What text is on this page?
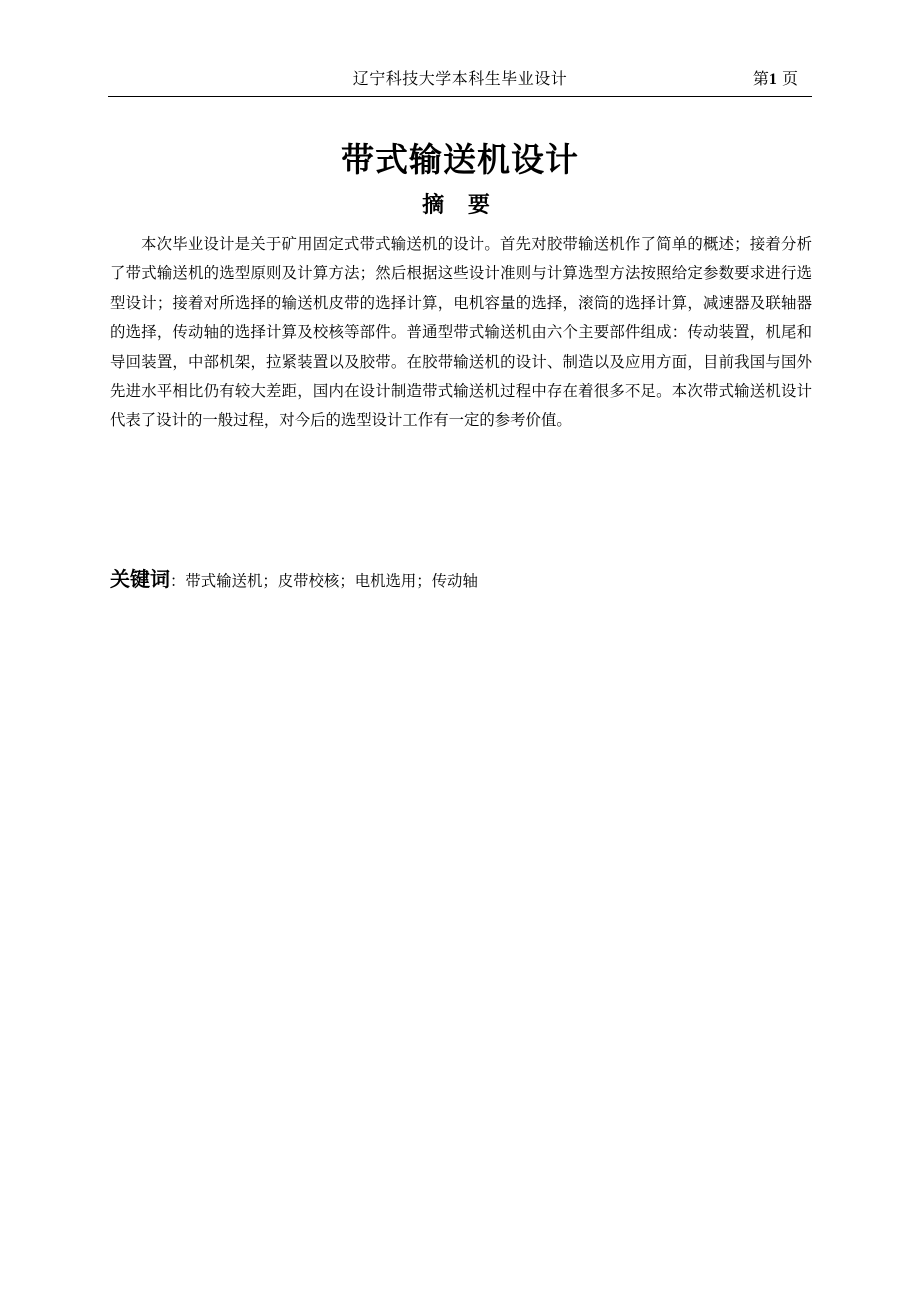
辽宁科技大学本科生毕业设计	第1 页
带式输送机设计
摘 要

本次毕业设计是关于矿用固定式带式输送机的设计。首先对胶带输送机作了简单的概述；接着分析了带式输送机的选型原则及计算方法；然后根据这些设计准则与计算选型方法按照给定参数要求进行选型设计；接着对所选择的输送机皮带的选择计算，电机容量的选择，滚筒的选择计算，减速器及联轴器的选择，传动轴的选择计算及校核等部件。普通型带式输送机由六个主要部件组成：传动装置，机尾和导回装置，中部机架，拉紧装置以及胶带。在胶带输送机的设计、制造以及应用方面，目前我国与国外先进水平相比仍有较大差距，国内在设计制造带式输送机过程中存在着很多不足。本次带式输送机设计代表了设计的一般过程，对今后的选型设计工作有一定的参考价值。

关键词：带式输送机；皮带校核；电机选用；传动轴
